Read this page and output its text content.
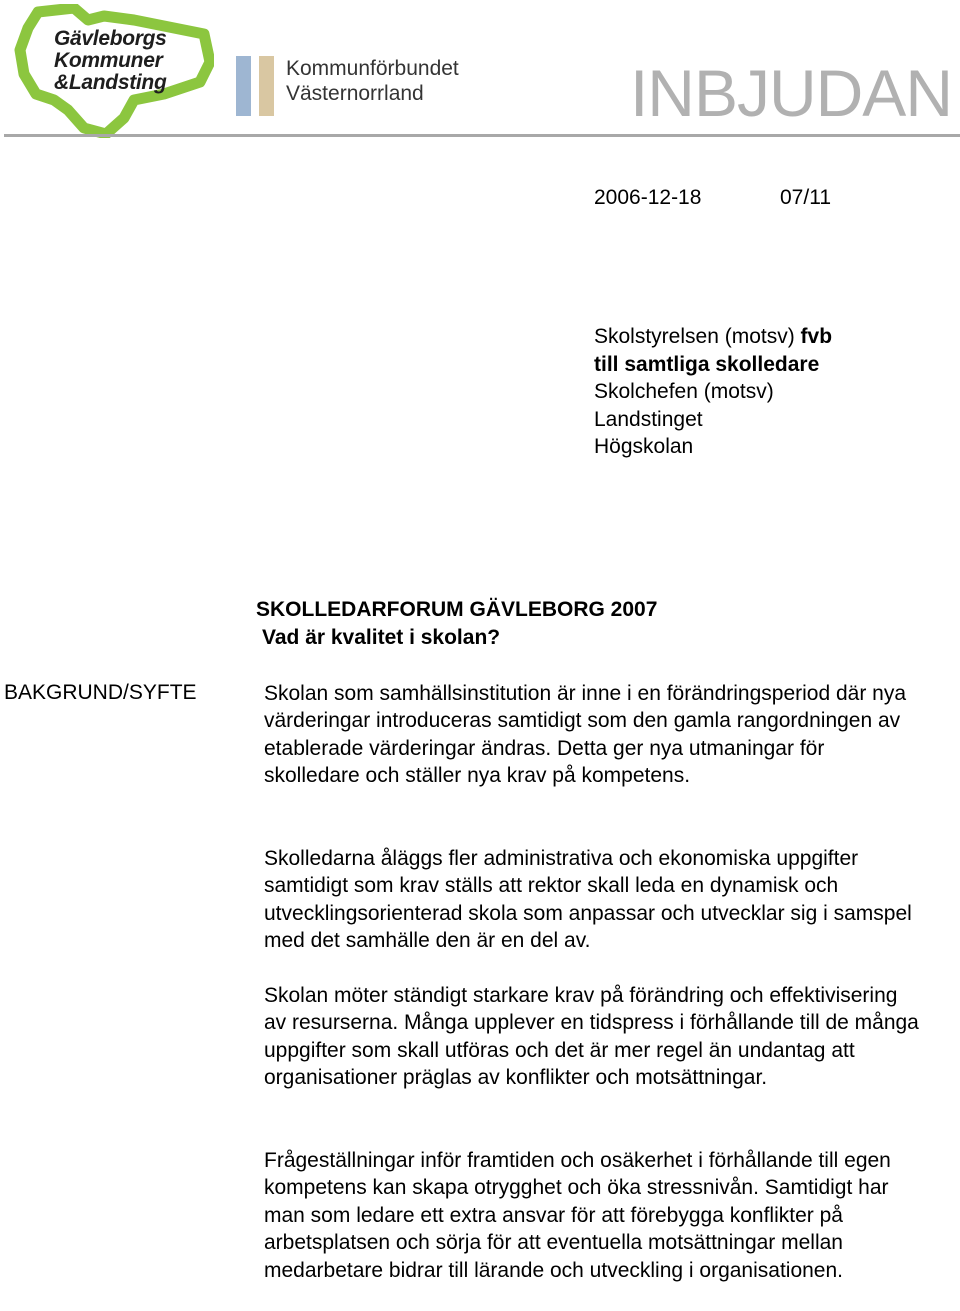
Gävleborgs
Kommuner
&Landsting
Kommunförbundet
Västernorrland	INBJUDAN
2006-12-18	07/11
Skolstyrelsen (motsv) fvb
till samtliga skolledare
Skolchefen (motsv)
Landstinget
Högskolan
SKOLLEDARFORUM GÄVLEBORG 2007
Vad är kvalitet i skolan?
BAKGRUND/SYFTE	Skolan som samhällsinstitution är inne i en förändringsperiod där nya värderingar introduceras samtidigt som den gamla rangordningen av etablerade värderingar ändras. Detta ger nya utmaningar för skolledare och ställer nya krav på kompetens.

Skolledarna åläggs fler administrativa och ekonomiska uppgifter samtidigt som krav ställs att rektor skall leda en dynamisk och utvecklingsorienterad skola som anpassar och utvecklar sig i samspel med det samhälle den är en del av.

Skolan möter ständigt starkare krav på förändring och effektivisering av resurserna. Många upplever en tidspress i förhållande till de många uppgifter som skall utföras och det är mer regel än undantag att organisationer präglas av konflikter och motsättningar.

Frågeställningar inför framtiden och osäkerhet i förhållande till egen kompetens kan skapa otrygghet och öka stressnivån. Samtidigt har man som ledare ett extra ansvar för att förebygga konflikter på arbetsplatsen och sörja för att eventuella motsättningar mellan medarbetare bidrar till lärande och utveckling i organisationen.
